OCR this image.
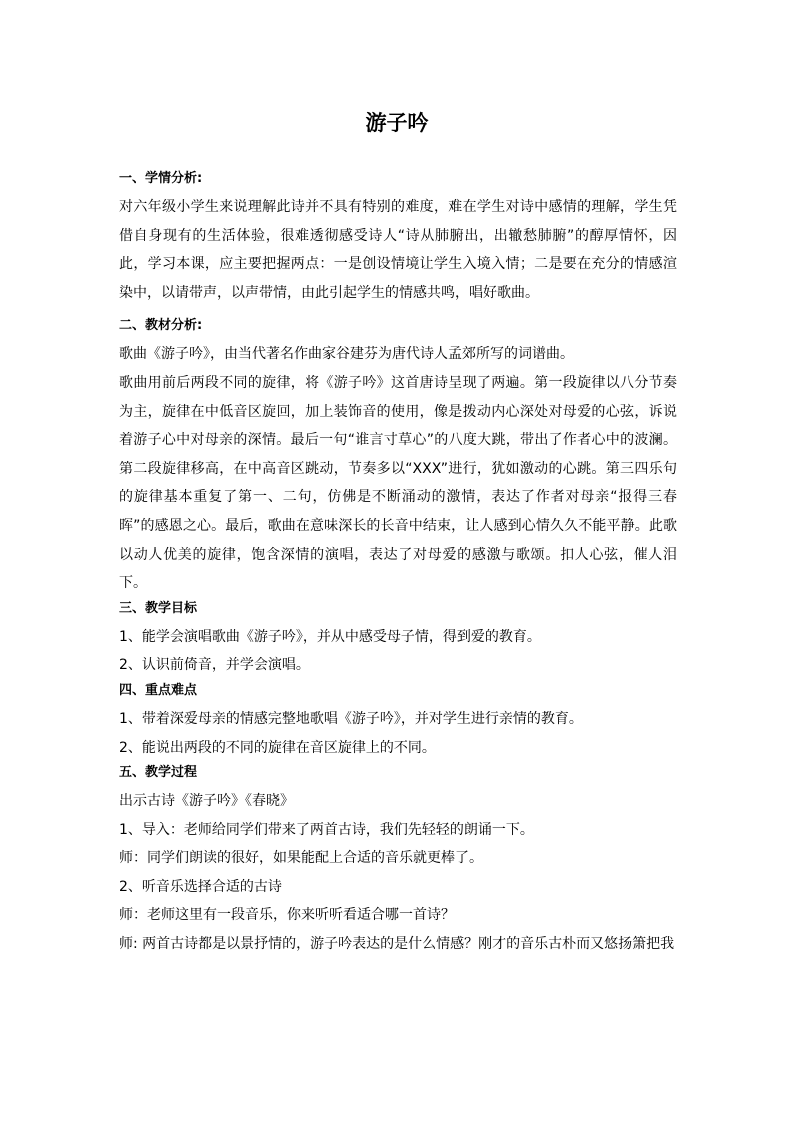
游子吟
一、学情分析:

对六年级小学生来说理解此诗并不具有特别的难度，难在学生对诗中感情的理解，学生凭借自身现有的生活体验，很难透彻感受诗人“诗从肺腑出，出辙愁肺腑”的醇厚情怀，因此，学习本课，应主要把握两点：一是创设情境让学生入境入情；二是要在充分的情感渲染中，以请带声，以声带情，由此引起学生的情感共鸣，唱好歌曲。

二、教材分析:

歌曲《游子吟》，由当代著名作曲家谷建芬为唐代诗人孟郊所写的词谱曲。

歌曲用前后两段不同的旋律，将《游子吟》这首唐诗呈现了两遍。第一段旋律以八分节奏为主，旋律在中低音区旋回，加上装饰音的使用，像是拨动内心深处对母爱的心弦，诉说着游子心中对母亲的深情。最后一句“谁言寸草心”的八度大跳，带出了作者心中的波澜。第二段旋律移高，在中高音区跳动，节奏多以“XXX”进行，犹如激动的心跳。第三四乐句的旋律基本重复了第一、二句，仿佛是不断涌动的激情，表达了作者对母亲“报得三春晖”的感恩之心。最后，歌曲在意味深长的长音中结束，让人感到心情久久不能平静。此歌以动人优美的旋律，饱含深情的演唱，表达了对母爱的感激与歌颂。扣人心弦，催人泪下。

三、教学目标

1、能学会演唱歌曲《游子吟》，并从中感受母子情，得到爱的教育。

2、认识前倚音，并学会演唱。

四、重点难点

1、带着深爱母亲的情感完整地歌唱《游子吟》，并对学生进行亲情的教育。

2、能说出两段的不同的旋律在音区旋律上的不同。

五、教学过程

出示古诗《游子吟》《春晓》

1、导入：老师给同学们带来了两首古诗，我们先轻轻的朗诵一下。

师：同学们朗读的很好，如果能配上合适的音乐就更棒了。

2、听音乐选择合适的古诗

师：老师这里有一段音乐，你来听听看适合哪一首诗？

师: 两首古诗都是以景抒情的，游子吟表达的是什么情感？刚才的音乐古朴而又悠扬箫把我
